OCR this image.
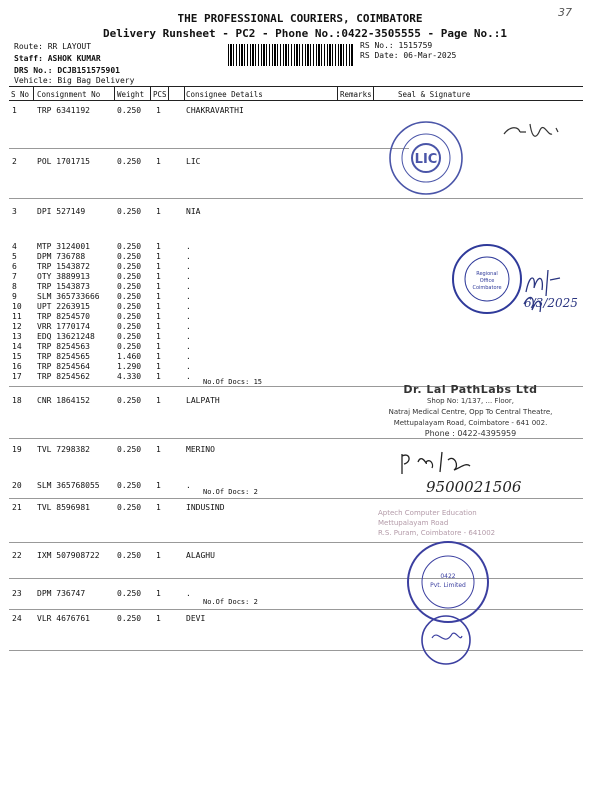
37
THE PROFESSIONAL COURIERS, COIMBATORE
Delivery Runsheet - PC2 - Phone No.:0422-3505555 - Page No.:1
Route: RR LAYOUT
Staff: ASHOK KUMAR
DRS No.: DCJB151575901
Vehicle: Big Bag Delivery
RS No.: 1515759
RS Date: 06-Mar-2025
S No Consignment No Weight PCS	Consignee Details	Remarks	Seal & Signature
1	TRP 6341192	0.250 1	CHAKRAVARTHI
2	POL 1701715	0.250 1	LIC
3	DPI 527149	0.250 1	NIA
4	MTP 3124001	0.250 1	.
5	DPM 736788	0.250 1	.
6	TRP 1543872	0.250 1	.
7	OTY 3889913	0.250 1	.
8	TRP 1543873	0.250 1	.
9	SLM 365733666 0.250 1	.
10 UPT 2263915	0.250 1	.
11 TRP 8254570	0.250 1	.
12 VRR 1770174	0.250 1	.
13 EDQ 13621248	0.250 1	.
14 TRP 8254563	0.250 1	.
15 TRP 8254565	1.460 1	.
16 TRP 8254564	1.290 1	.
17 TRP 8254562	4.330 1	.
18 CNR 1864152	0.250 1	LALPATH
19 TVL 7298382	0.250 1	MERINO
20 SLM 365768055 0.250 1	.
21 TVL 8596981	0.250 1	INDUSIND
22 IXM 507908722 0.250 1	ALAGHU
23 DPM 736747	0.250 1	.
24 VLR 4676761	0.250 1	DEVI
No.Of Docs: 15
No.Of Docs: 2
No.Of Docs: 2
LIC
Regional
Office
Coimbatore
6/3/2025
Dr. Lal PathLabs Ltd
Shop No: 1/137, ... Floor,
Natraj Medical Centre, Opp To Central Theatre,
Mettupalayam Road, Coimbatore - 641 002.
Phone : 0422-4395959
9500021506
Aptech Computer Education
Mettupalayam Road
R.S. Puram, Coimbatore - 641002
0422
Pvt. Limited
